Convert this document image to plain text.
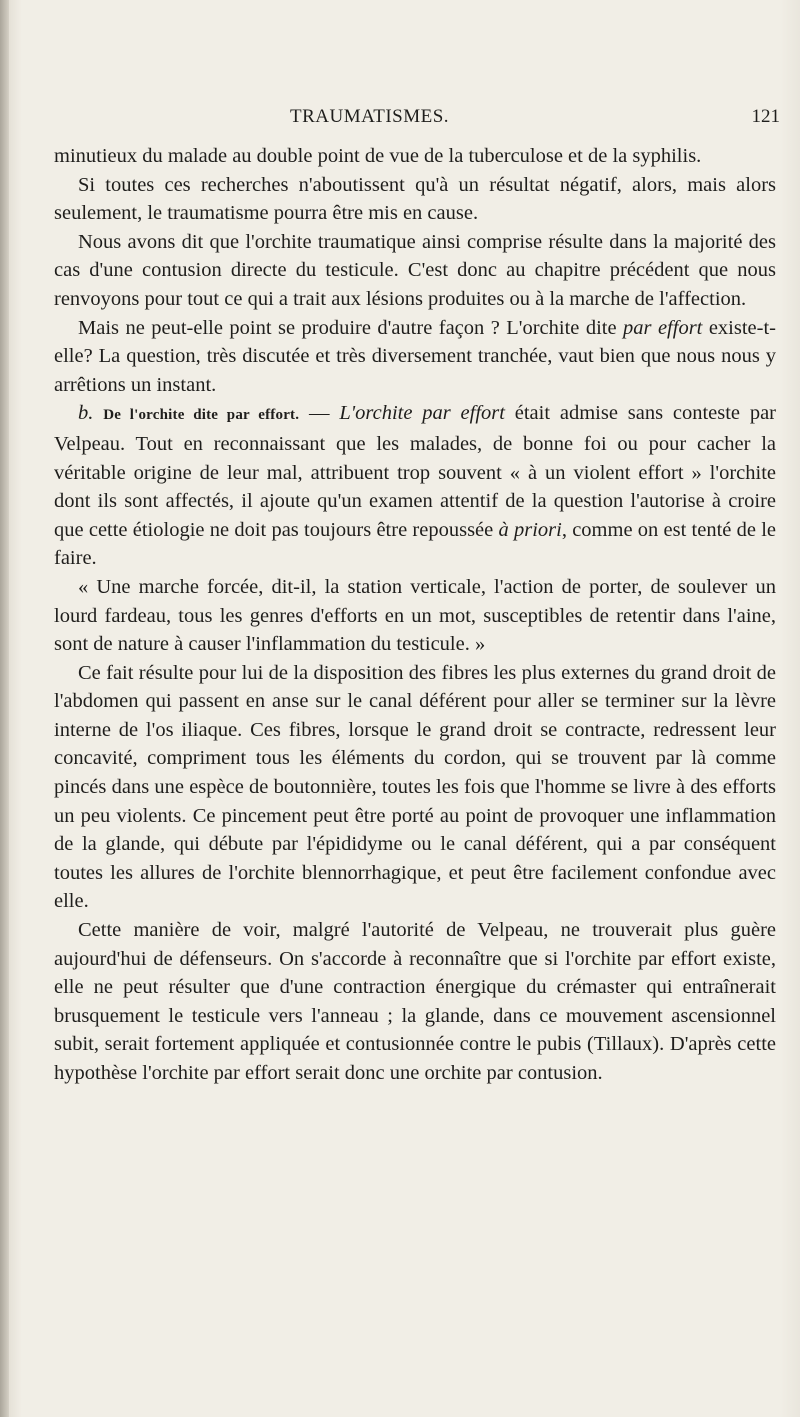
TRAUMATISMES.	121

minutieux du malade au double point de vue de la tuberculose et de la syphilis.

Si toutes ces recherches n'aboutissent qu'à un résultat négatif, alors, mais alors seulement, le traumatisme pourra être mis en cause.

Nous avons dit que l'orchite traumatique ainsi comprise résulte dans la majorité des cas d'une contusion directe du testicule. C'est donc au chapitre précédent que nous renvoyons pour tout ce qui a trait aux lésions produites ou à la marche de l'affection.

Mais ne peut-elle point se produire d'autre façon ? L'orchite dite par effort existe-t-elle? La question, très discutée et très diversement tranchée, vaut bien que nous nous y arrêtions un instant.

b. De l'orchite dite par effort. — L'orchite par effort était admise sans conteste par Velpeau. Tout en reconnaissant que les malades, de bonne foi ou pour cacher la véritable origine de leur mal, attribuent trop souvent « à un violent effort » l'orchite dont ils sont affectés, il ajoute qu'un examen attentif de la question l'autorise à croire que cette étiologie ne doit pas toujours être repoussée à priori, comme on est tenté de le faire.

« Une marche forcée, dit-il, la station verticale, l'action de porter, de soulever un lourd fardeau, tous les genres d'efforts en un mot, susceptibles de retentir dans l'aine, sont de nature à causer l'inflammation du testicule. »

Ce fait résulte pour lui de la disposition des fibres les plus externes du grand droit de l'abdomen qui passent en anse sur le canal déférent pour aller se terminer sur la lèvre interne de l'os iliaque. Ces fibres, lorsque le grand droit se contracte, redressent leur concavité, compriment tous les éléments du cordon, qui se trouvent par là comme pincés dans une espèce de boutonnière, toutes les fois que l'homme se livre à des efforts un peu violents. Ce pincement peut être porté au point de provoquer une inflammation de la glande, qui débute par l'épididyme ou le canal déférent, qui a par conséquent toutes les allures de l'orchite blennorrhagique, et peut être facilement confondue avec elle.

Cette manière de voir, malgré l'autorité de Velpeau, ne trouverait plus guère aujourd'hui de défenseurs. On s'accorde à reconnaître que si l'orchite par effort existe, elle ne peut résulter que d'une contraction énergique du crémaster qui entraînerait brusquement le testicule vers l'anneau ; la glande, dans ce mouvement ascensionnel subit, serait fortement appliquée et contusionnée contre le pubis (Tillaux). D'après cette hypothèse l'orchite par effort serait donc une orchite par contusion.
